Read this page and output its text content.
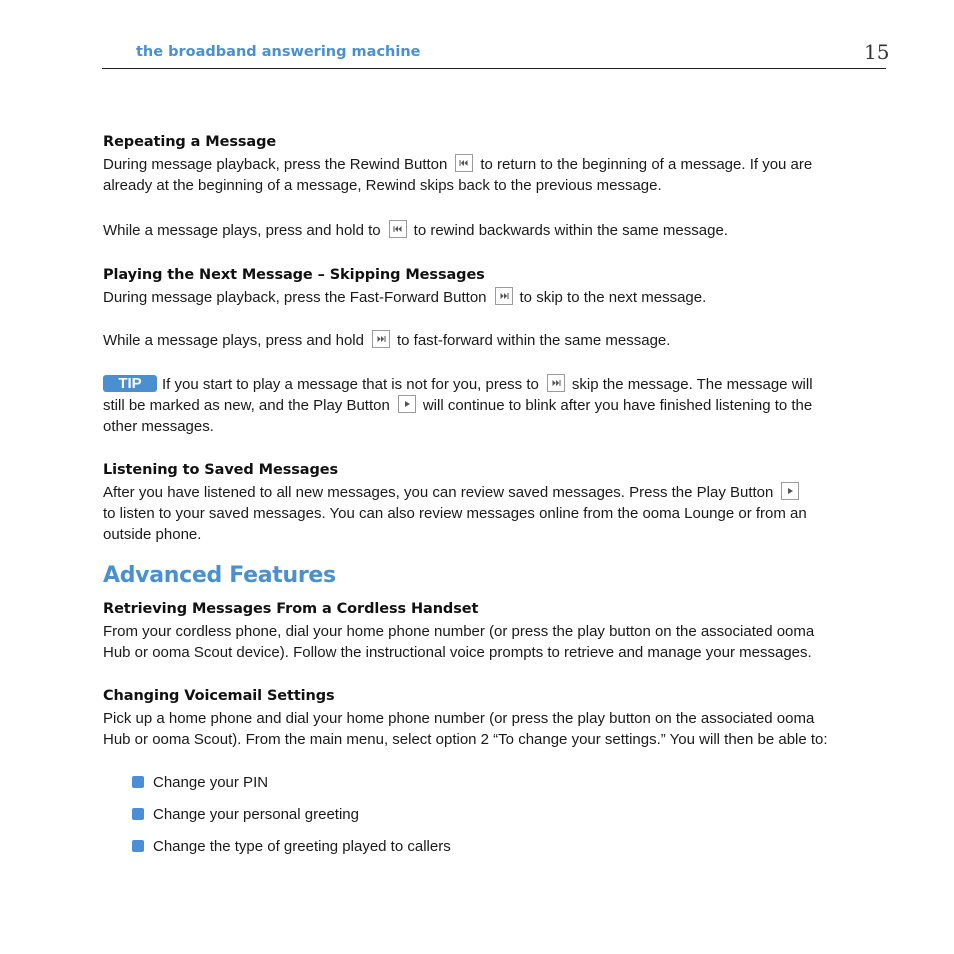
the broadband answering machine	15
Repeating a Message
During message playback, press the Rewind Button to return to the beginning of a message. If you are
already at the beginning of a message, Rewind skips back to the previous message.
While a message plays, press and hold to to rewind backwards within the same message.
Playing the Next Message – Skipping Messages
During message playback, press the Fast-Forward Button to skip to the next message.
While a message plays, press and hold to fast-forward within the same message.
TIP If you start to play a message that is not for you, press to skip the message. The message will
still be marked as new, and the Play Button will continue to blink after you have finished listening to the
other messages.
Listening to Saved Messages
After you have listened to all new messages, you can review saved messages. Press the Play Button

to listen to your saved messages. You can also review messages online from the ooma Lounge or from an
outside phone.
Advanced Features
Retrieving Messages From a Cordless Handset
From your cordless phone, dial your home phone number (or press the play button on the associated ooma
Hub or ooma Scout device). Follow the instructional voice prompts to retrieve and manage your messages.
Changing Voicemail Settings
Pick up a home phone and dial your home phone number (or press the play button on the associated ooma
Hub or ooma Scout). From the main menu, select option 2 “To change your settings.” You will then be able to:
Change your PIN
Change your personal greeting
Change the type of greeting played to callers
